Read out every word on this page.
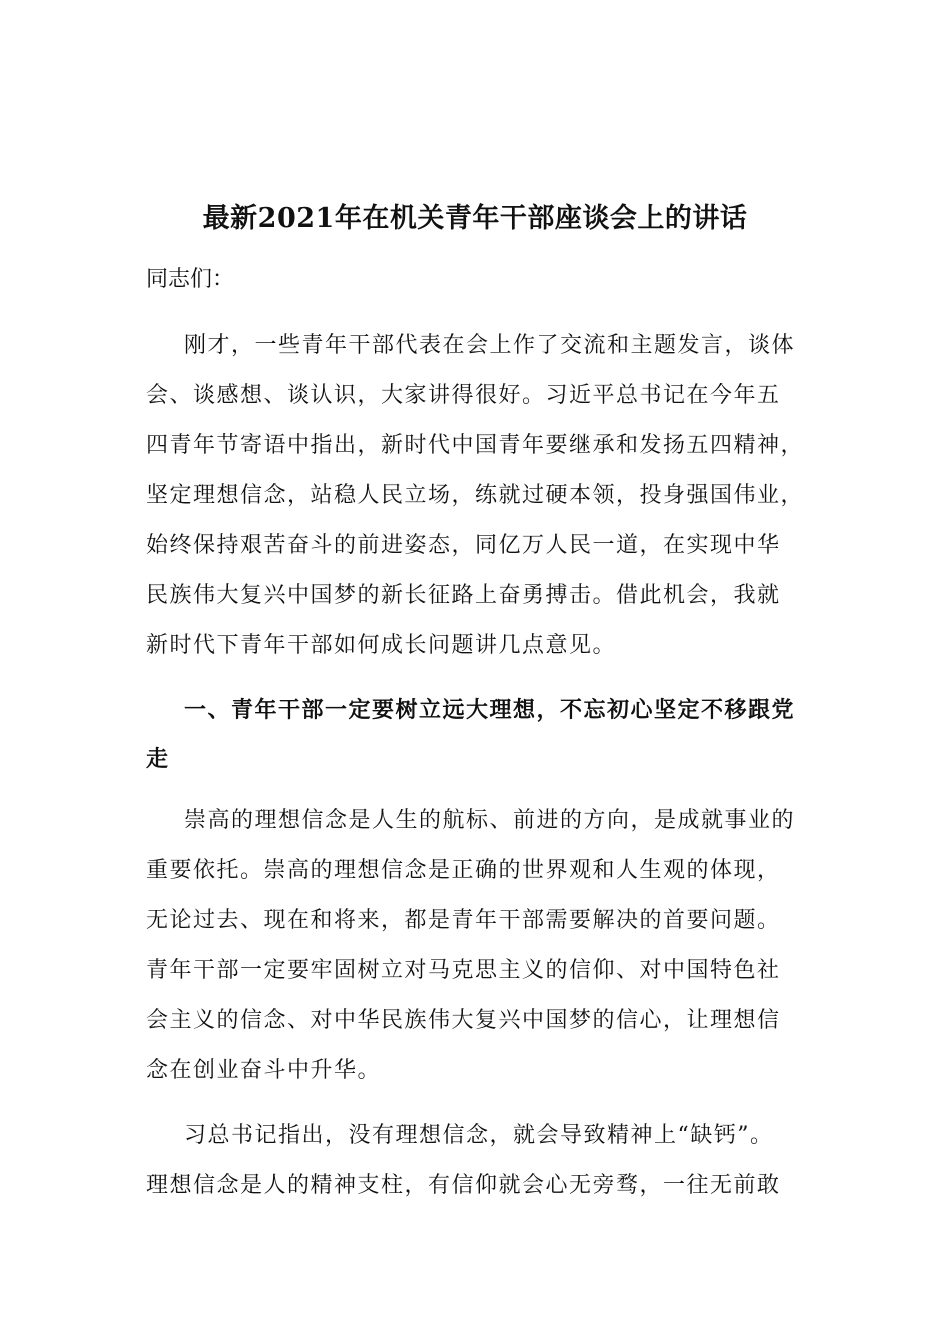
最新2021年在机关青年干部座谈会上的讲话
同志们：
刚才，一些青年干部代表在会上作了交流和主题发言，谈体
会、谈感想、谈认识，大家讲得很好。习近平总书记在今年五
四青年节寄语中指出，新时代中国青年要继承和发扬五四精神，
坚定理想信念，站稳人民立场，练就过硬本领，投身强国伟业，
始终保持艰苦奋斗的前进姿态，同亿万人民一道，在实现中华
民族伟大复兴中国梦的新长征路上奋勇搏击。借此机会，我就
新时代下青年干部如何成长问题讲几点意见。
一、青年干部一定要树立远大理想，不忘初心坚定不移跟党
走
崇高的理想信念是人生的航标、前进的方向，是成就事业的
重要依托。崇高的理想信念是正确的世界观和人生观的体现，
无论过去、现在和将来，都是青年干部需要解决的首要问题。
青年干部一定要牢固树立对马克思主义的信仰、对中国特色社
会主义的信念、对中华民族伟大复兴中国梦的信心，让理想信
念在创业奋斗中升华。
习总书记指出，没有理想信念，就会导致精神上“缺钙”。
理想信念是人的精神支柱，有信仰就会心无旁骛，一往无前敢
